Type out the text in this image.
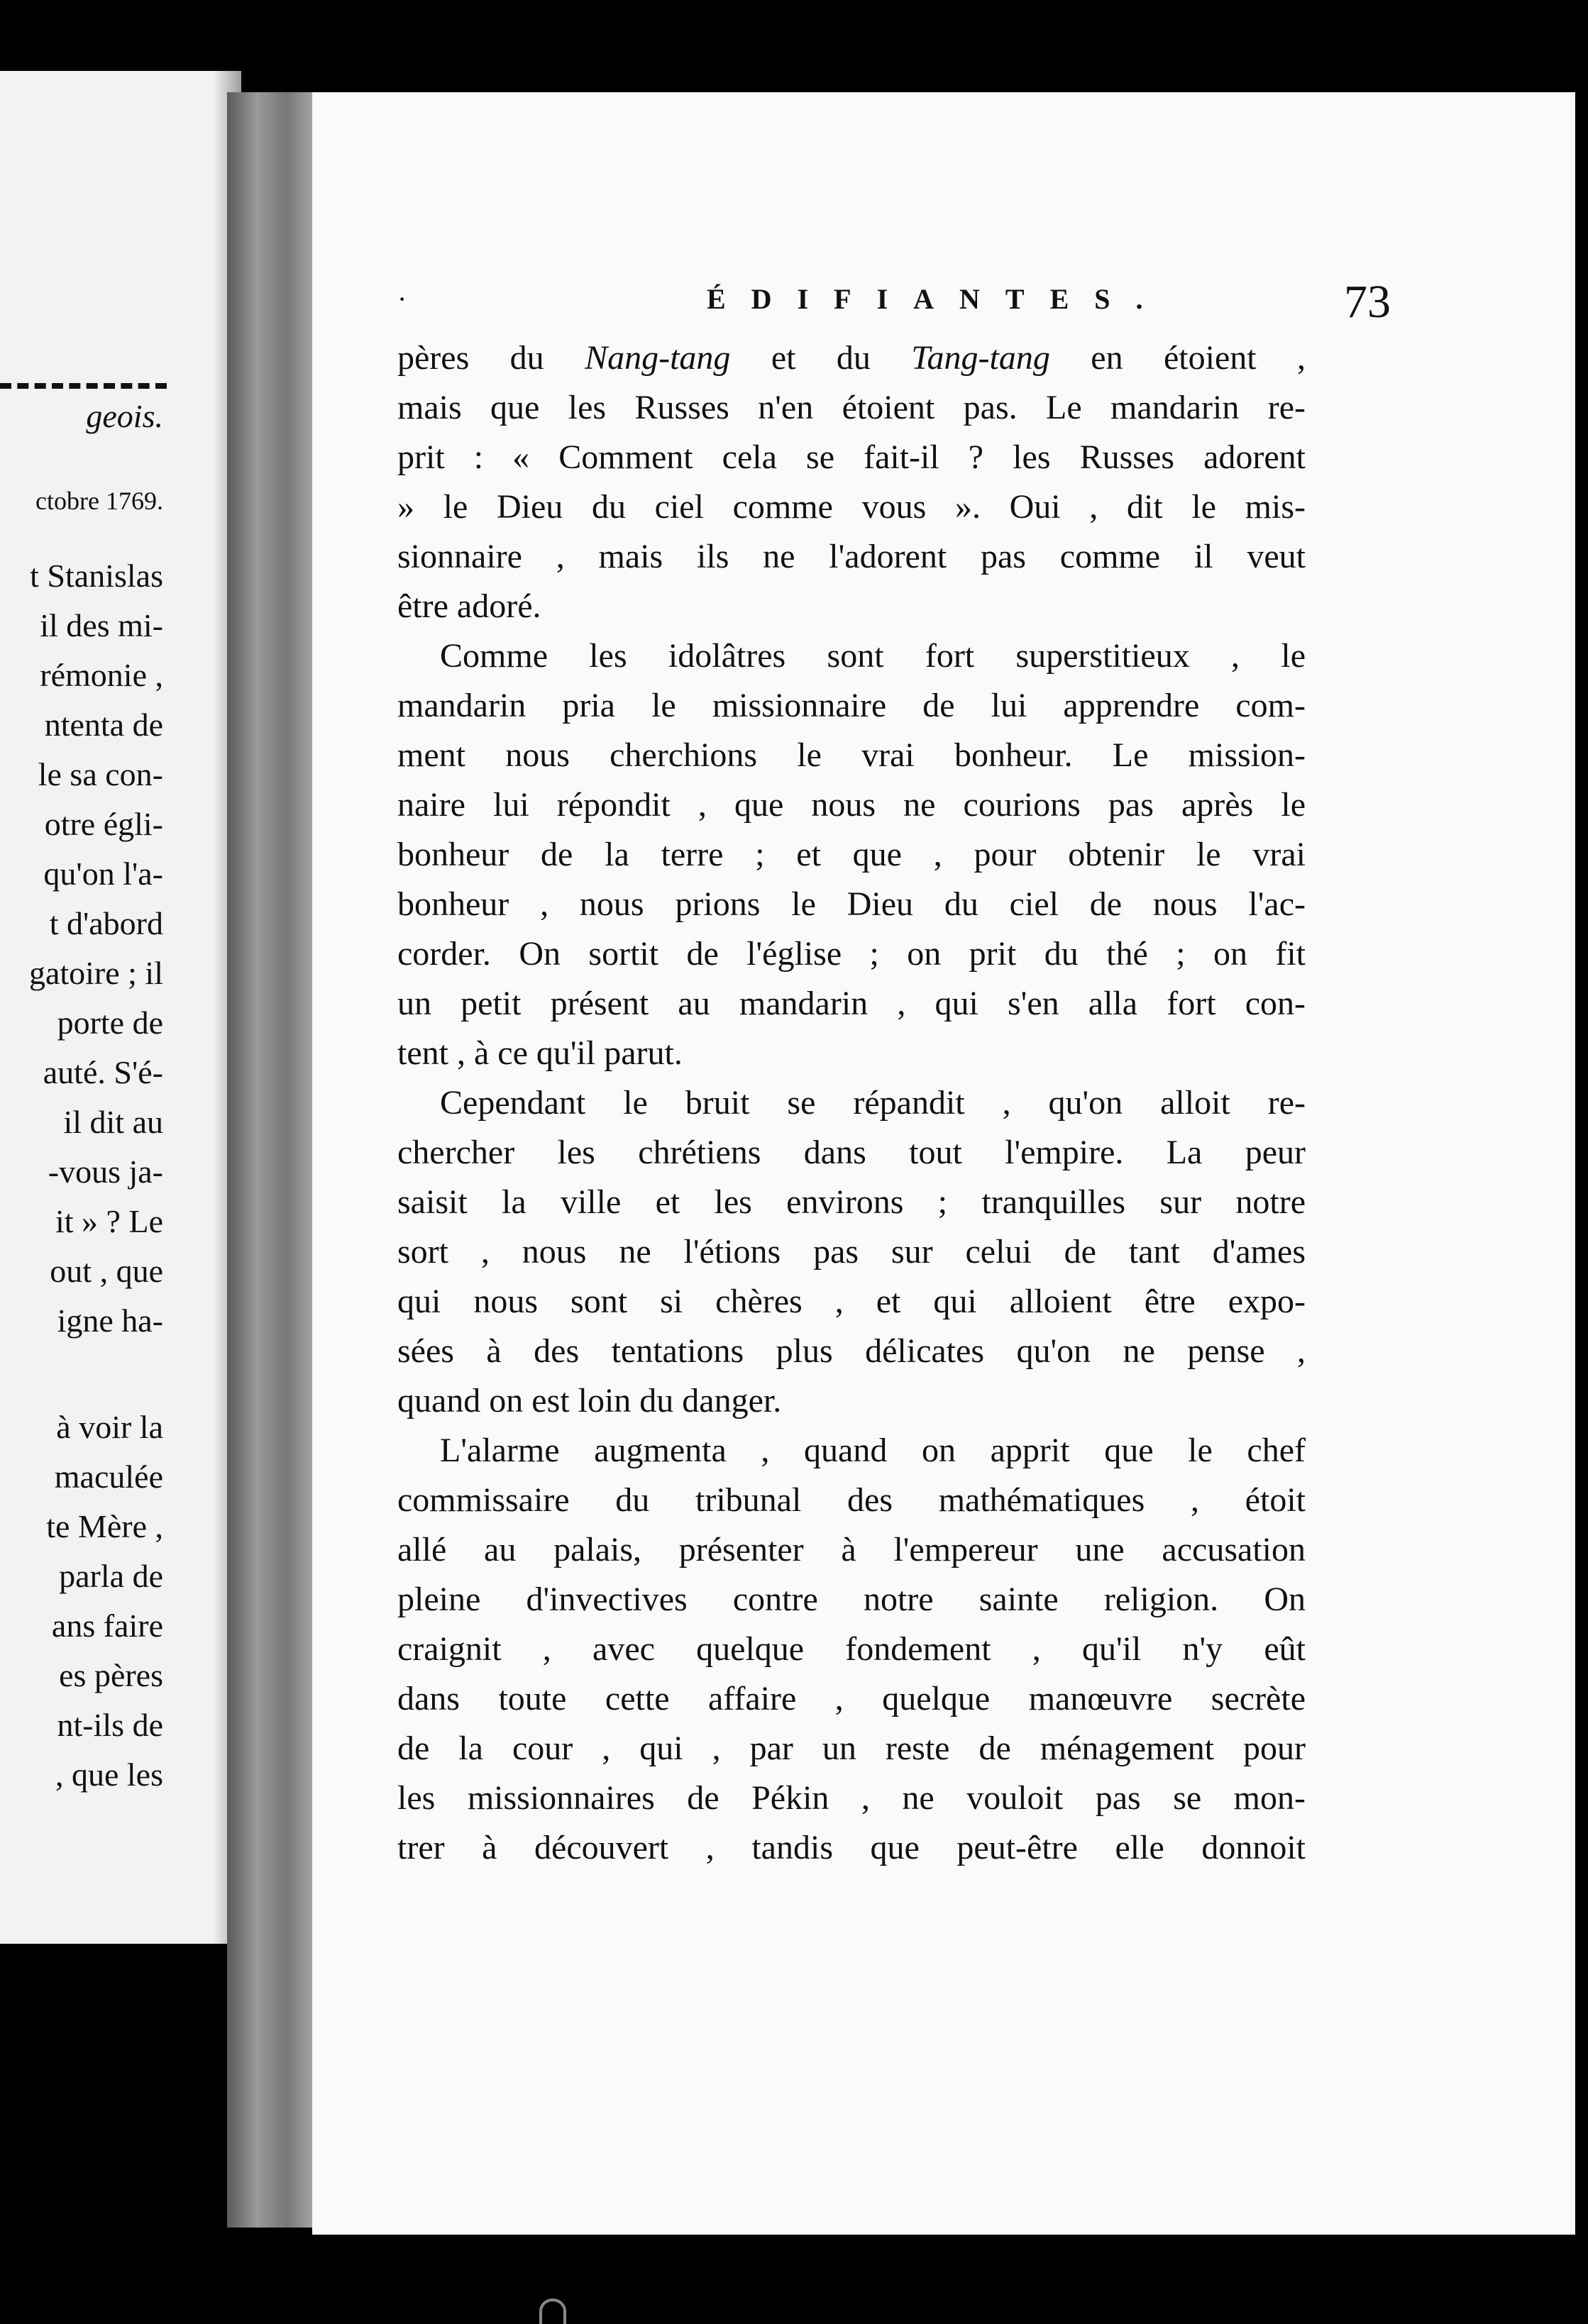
geois.
ctobre 1769.
t Stanislas
il des mi-
rémonie ,
ntenta de
le sa con-
otre égli-
qu'on l'a-
t d'abord
gatoire ; il
porte de
auté. S'é-
il dit au
-vous ja-
it » ? Le
out , que
igne ha-
à voir la
maculée
te Mère ,
parla de
ans faire
es pères
nt-ils de
, que les
·	ÉDIFIANTES.	73
pères du Nang-tang et du Tang-tang en étoient ,
mais que les Russes n'en étoient pas. Le mandarin re-
prit : « Comment cela se fait-il ? les Russes adorent
» le Dieu du ciel comme vous ». Oui , dit le mis-
sionnaire , mais ils ne l'adorent pas comme il veut
être adoré.
Comme les idolâtres sont fort superstitieux , le
mandarin pria le missionnaire de lui apprendre com-
ment nous cherchions le vrai bonheur. Le mission-
naire lui répondit , que nous ne courions pas après le
bonheur de la terre ; et que , pour obtenir le vrai
bonheur , nous prions le Dieu du ciel de nous l'ac-
corder. On sortit de l'église ; on prit du thé ; on fit
un petit présent au mandarin , qui s'en alla fort con-
tent , à ce qu'il parut.
Cependant le bruit se répandit , qu'on alloit re-
chercher les chrétiens dans tout l'empire. La peur
saisit la ville et les environs ; tranquilles sur notre
sort , nous ne l'étions pas sur celui de tant d'ames
qui nous sont si chères , et qui alloient être expo-
sées à des tentations plus délicates qu'on ne pense ,
quand on est loin du danger.
L'alarme augmenta , quand on apprit que le chef
commissaire du tribunal des mathématiques , étoit
allé au palais, présenter à l'empereur une accusation
pleine d'invectives contre notre sainte religion. On
craignit , avec quelque fondement , qu'il n'y eût
dans toute cette affaire , quelque manœuvre secrète
de la cour , qui , par un reste de ménagement pour
les missionnaires de Pékin , ne vouloit pas se mon-
trer à découvert , tandis que peut-être elle donnoit
